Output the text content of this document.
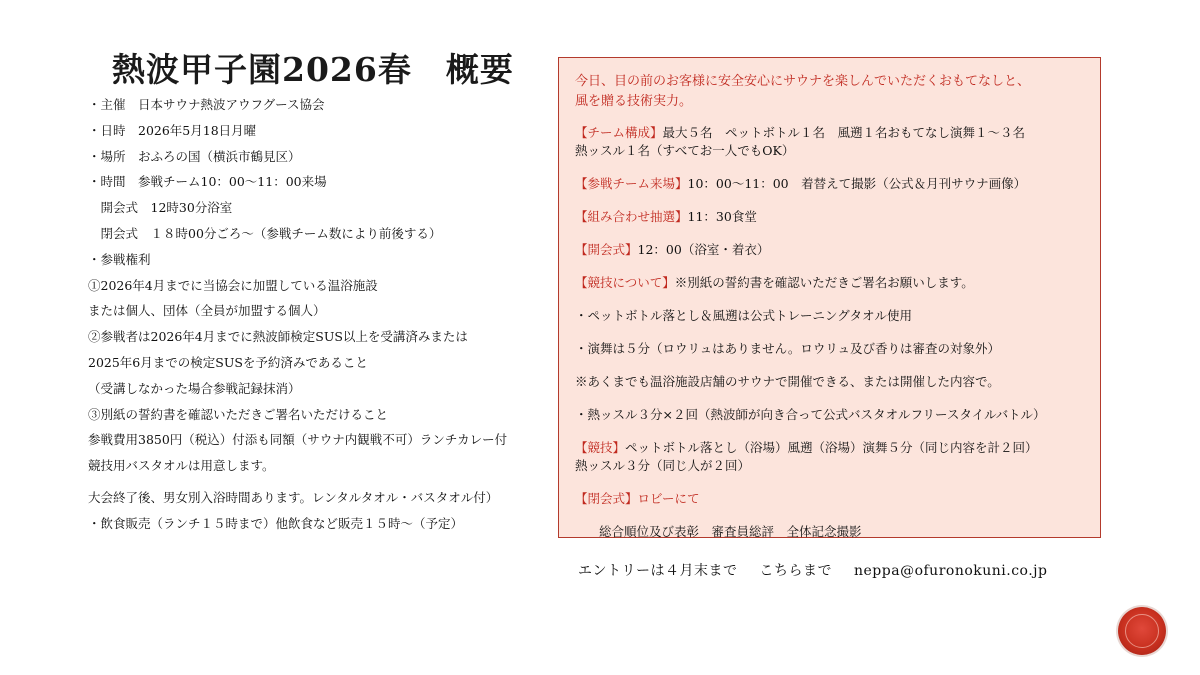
熱波甲子園2026春　概要
・主催　日本サウナ熱波アウフグース協会
・日時　2026年5月18日月曜
・場所　おふろの国（横浜市鶴見区）
・時間　参戦チーム10：00～11：00来場
　開会式　12時30分浴室
　閉会式　１８時00分ごろ～（参戦チーム数により前後する）
・参戦権利
①2026年4月までに当協会に加盟している温浴施設
または個人、団体（全員が加盟する個人）
②参戦者は2026年4月までに熱波師検定SUS以上を受講済みまたは
2025年6月までの検定SUSを予約済みであること
（受講しなかった場合参戦記録抹消）
③別紙の誓約書を確認いただきご署名いただけること
参戦費用3850円（税込）付添も同額（サウナ内観戦不可）ランチカレー付
競技用バスタオルは用意します。
大会終了後、男女別入浴時間あります。レンタルタオル・バスタオル付）
・飲食販売（ランチ１５時まで）他飲食など販売１５時～（予定）
今日、目の前のお客様に安全安心にサウナを楽しんでいただくおもてなしと、
風を贈る技術実力。
【チーム構成】最大５名　ペットボトル１名　風遡１名おもてなし演舞１～３名
熱ッスル１名（すべてお一人でもOK）
【参戦チーム来場】10：00～11：00　着替えて撮影（公式＆月刊サウナ画像）
【組み合わせ抽選】11：30食堂
【開会式】12：00（浴室・着衣）
【競技について】※別紙の誓約書を確認いただきご署名お願いします。
・ペットボトル落とし＆風遡は公式トレーニングタオル使用
・演舞は５分（ロウリュはありません。ロウリュ及び香りは審査の対象外）
※あくまでも温浴施設店舗のサウナで開催できる、または開催した内容で。
・熱ッスル３分×２回（熱波師が向き合って公式バスタオルフリースタイルバトル）
【競技】ペットボトル落とし（浴場）風遡（浴場）演舞５分（同じ内容を計２回）
熱ッスル３分（同じ人が２回）
【閉会式】ロビーにて
総合順位及び表彰　審査員総評　全体記念撮影
エントリーは４月末まで こちらまで neppa@ofuronokuni.co.jp
